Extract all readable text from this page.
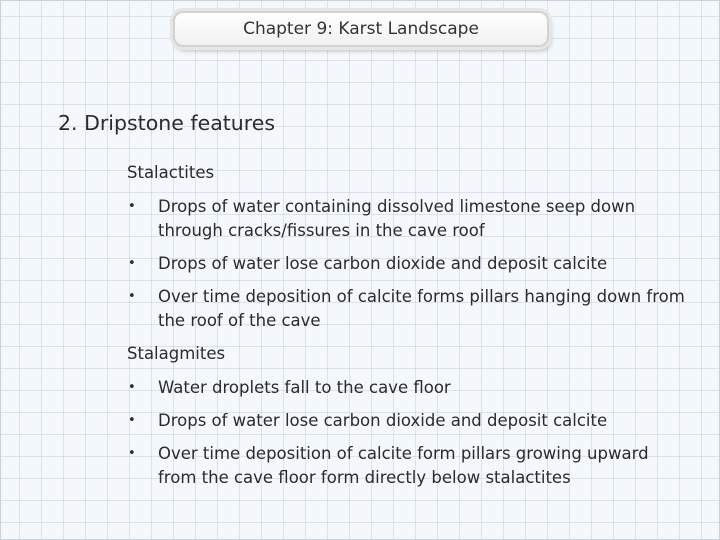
Chapter 9: Karst Landscape
2. Dripstone features
Stalactites
• Drops of water containing dissolved limestone seep down through cracks/fissures in the cave roof
• Drops of water lose carbon dioxide and deposit calcite
• Over time deposition of calcite forms pillars hanging down from the roof of the cave
Stalagmites
• Water droplets fall to the cave floor
• Drops of water lose carbon dioxide and deposit calcite
• Over time deposition of calcite form pillars growing upward from the cave floor form directly below stalactites
